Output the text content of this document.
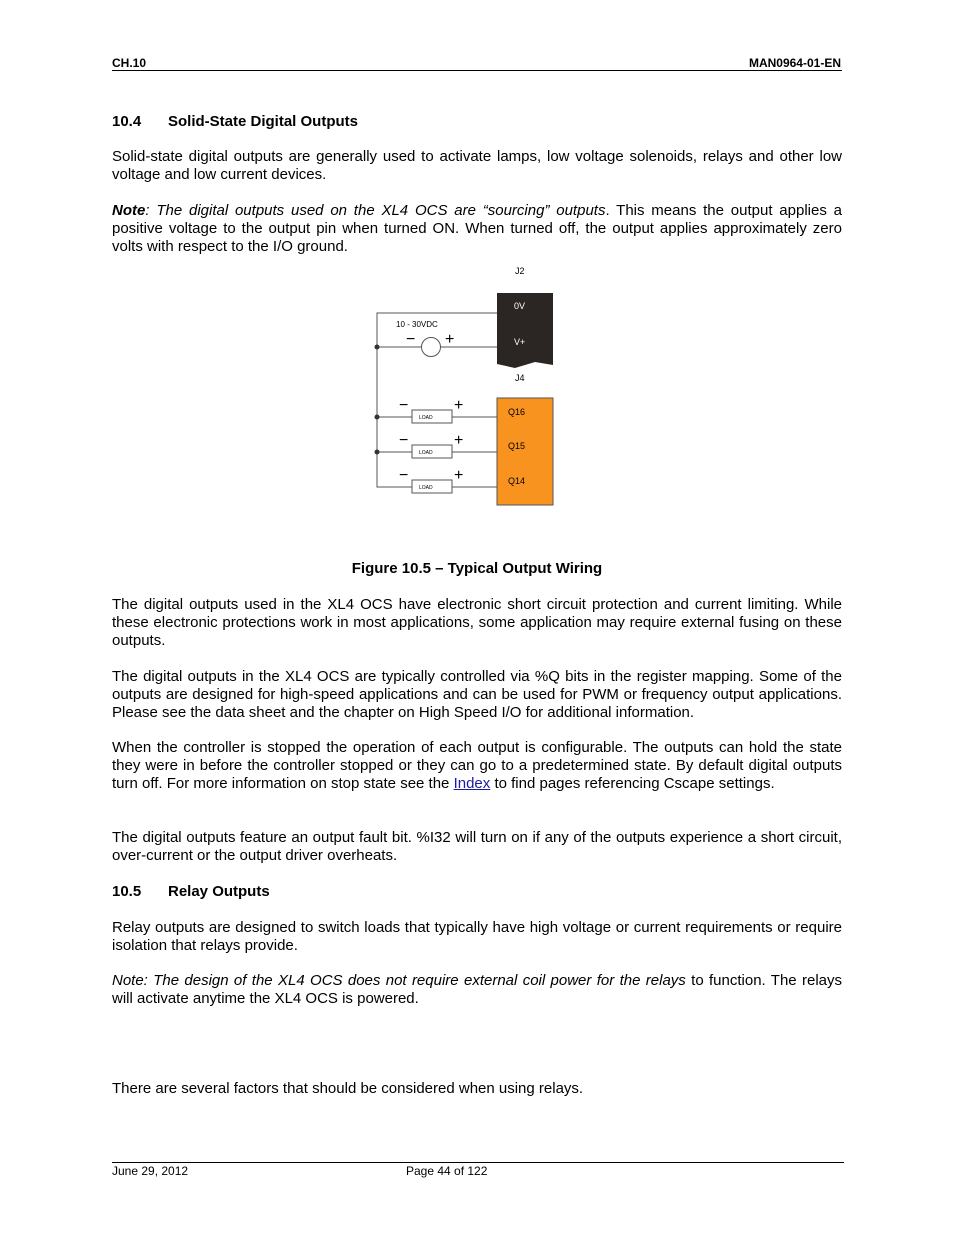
CH.10	MAN0964-01-EN
10.4 Solid-State Digital Outputs

Solid-state digital outputs are generally used to activate lamps, low voltage solenoids, relays and other low voltage and low current devices.

Note: The digital outputs used on the XL4 OCS are “sourcing” outputs. This means the output applies a positive voltage to the output pin when turned ON. When turned off, the output applies approximately zero volts with respect to the I/O ground.

J2
J4
0V
V+
10 - 30VDC
− +
LOAD
−	+
LOAD
−	+
LOAD
−	+
Q16
Q15
Q14
Figure 10.5 – Typical Output Wiring

The digital outputs used in the XL4 OCS have electronic short circuit protection and current limiting. While these electronic protections work in most applications, some application may require external fusing on these outputs.

The digital outputs in the XL4 OCS are typically controlled via %Q bits in the register mapping. Some of the outputs are designed for high-speed applications and can be used for PWM or frequency output applications. Please see the data sheet and the chapter on High Speed I/O for additional information.

When the controller is stopped the operation of each output is configurable. The outputs can hold the state they were in before the controller stopped or they can go to a predetermined state. By default digital outputs turn off. For more information on stop state see the Index to find pages referencing Cscape settings.

The digital outputs feature an output fault bit. %I32 will turn on if any of the outputs experience a short circuit, over-current or the output driver overheats.

10.5 Relay Outputs

Relay outputs are designed to switch loads that typically have high voltage or current requirements or require isolation that relays provide.

Note: The design of the XL4 OCS does not require external coil power for the relays to function. The relays will activate anytime the XL4 OCS is powered.

There are several factors that should be considered when using relays.

June 29, 2012	Page 44 of 122
